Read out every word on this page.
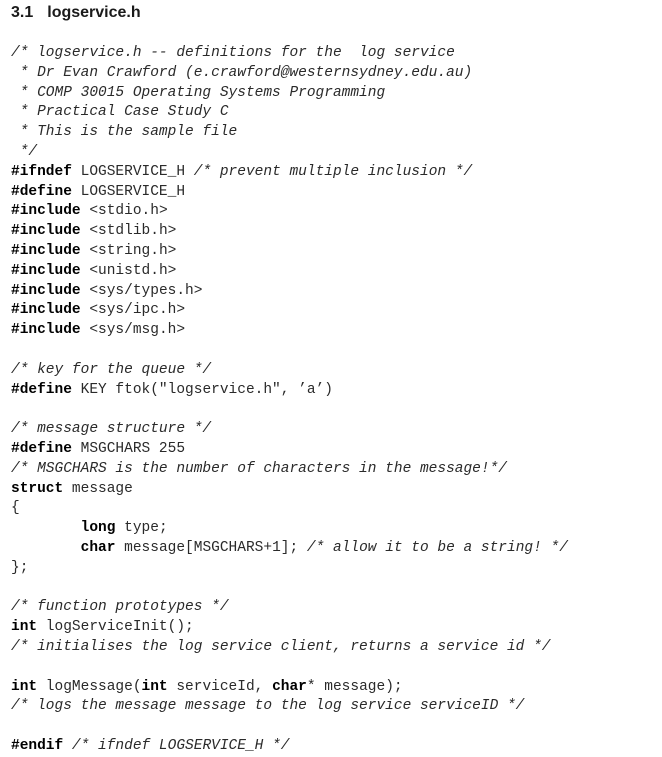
3.1 logservice.h
/* logservice.h -- definitions for the  log service
* Dr Evan Crawford (e.crawford@westernsydney.edu.au)
* COMP 30015 Operating Systems Programming
* Practical Case Study C
* This is the sample file
*/
#ifndef LOGSERVICE_H /* prevent multiple inclusion */
#define LOGSERVICE_H
#include <stdio.h>
#include <stdlib.h>
#include <string.h>
#include <unistd.h>
#include <sys/types.h>
#include <sys/ipc.h>
#include <sys/msg.h>
/* key for the queue */
#define KEY ftok("logservice.h", ’a’)
/* message structure */
#define MSGCHARS 255
/* MSGCHARS is the number of characters in the message!*/
struct message
{
long type;
char message[MSGCHARS+1]; /* allow it to be a string! */
};
/* function prototypes */
int logServiceInit();
/* initialises the log service client, returns a service id */
int logMessage(int serviceId, char* message);
/* logs the message message to the log service serviceID */
#endif /* ifndef LOGSERVICE_H */
